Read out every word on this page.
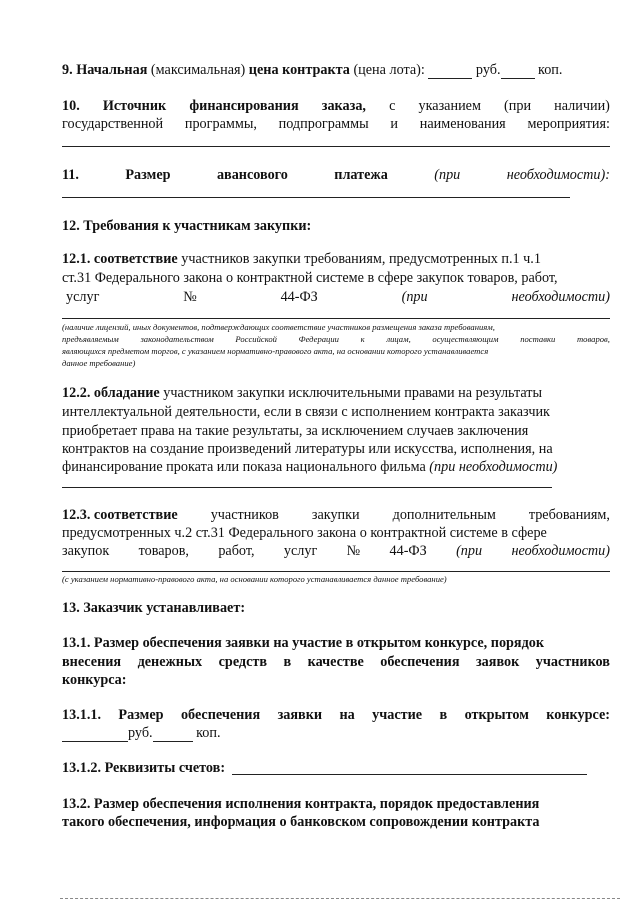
9. Начальная (максимальная) цена контракта (цена лота):	руб. коп.
10. Источник финансирования заказа, с указанием (при наличии)
государственной программы, подпрограммы и наименования мероприятия:
11.	Размер	авансового	платежа	(при	необходимости):
12. Требования к участникам закупки:
12.1. соответствие участников закупки требованиям, предусмотренных п.1 ч.1
ст.31 Федерального закона о контрактной системе в сфере закупок товаров, работ,
услуг	№	44-ФЗ	(при	необходимости)
(наличие лицензий, иных документов, подтверждающих соответствие участников размещения заказа требованиям,
предъявляемым	законодательством	Российской	Федерации	к	лицам,	осуществляющим	поставки	товаров,
являющихся предметом торгов, с указанием нормативно-правового акта, на основании которого устанавливается
данное требование)
12.2. обладание участником закупки исключительными правами на результаты
интеллектуальной деятельности, если в связи с исполнением контракта заказчик
приобретает права на такие результаты, за исключением случаев заключения
контрактов на создание произведений литературы или искусства, исполнения, на
финансирование проката или показа национального фильма (при необходимости)
12.3. соответствие участников закупки дополнительным требованиям,
предусмотренных ч.2 ст.31 Федерального закона о контрактной системе в сфере
закупок товаров, работ, услуг № 44-ФЗ (при необходимости)
(с указанием нормативно-правового акта, на основании которого устанавливается данное требование)
13. Заказчик устанавливает:
13.1. Размер обеспечения заявки на участие в открытом конкурсе, порядок
внесения денежных средств в качестве обеспечения заявок участников
конкурса:
13.1.1. Размер обеспечения заявки на участие в открытом конкурсе:
руб.	коп.
13.1.2. Реквизиты счетов:
13.2. Размер обеспечения исполнения контракта, порядок предоставления
такого обеспечения, информация о банковском сопровождении контракта
